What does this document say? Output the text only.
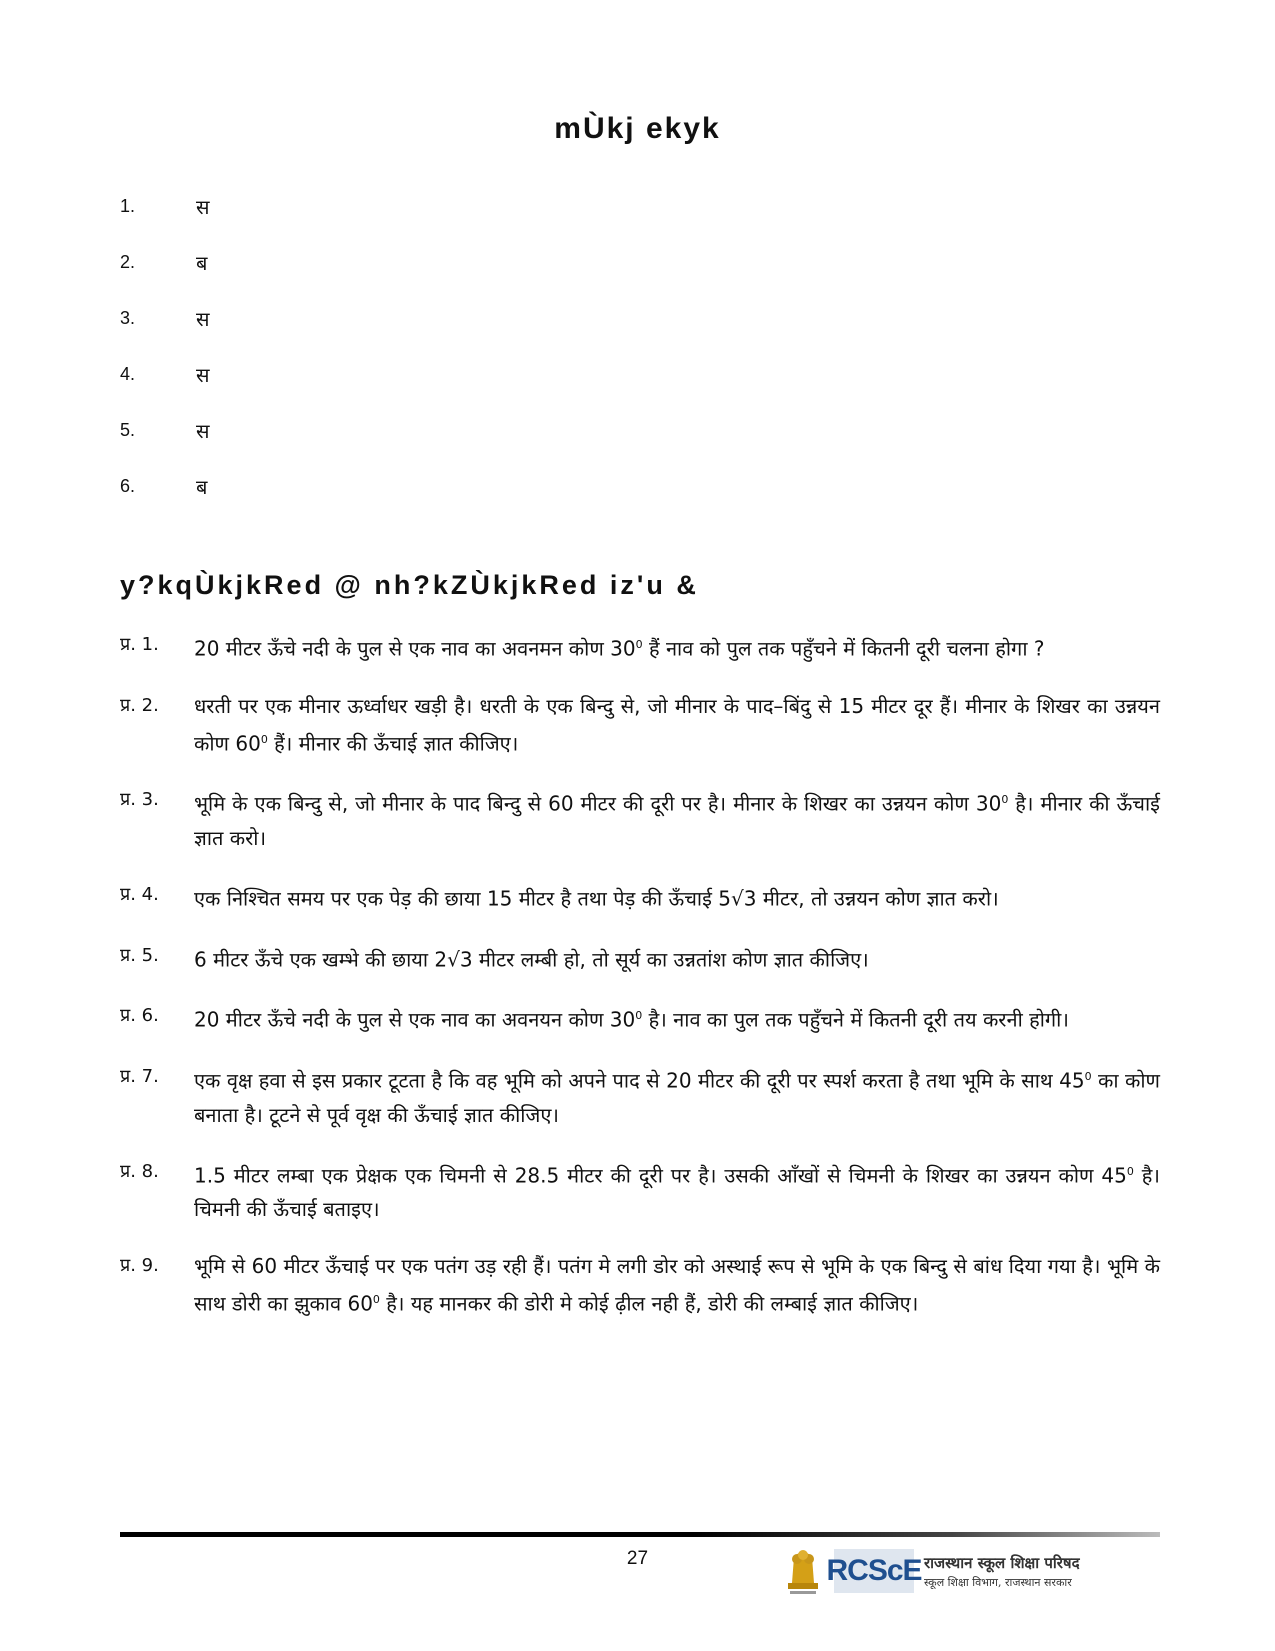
mÙkj ekyk
1.	स
2.	ब
3.	स
4.	स
5.	स
6.	ब
y?kqÙkjkRed @ nh?kZÙkjkRed iz'u &
प्र. 1.	20 मीटर ऊँचे नदी के पुल से एक नाव का अवनमन कोण $30^0$ हैं नाव को पुल तक पहुँचने में कितनी दूरी चलना होगा ?
प्र. 2.	धरती पर एक मीनार ऊर्ध्वाधर खड़ी है। धरती के एक बिन्दु से, जो मीनार के पाद–बिंदु से 15 मीटर दूर हैं। मीनार के शिखर का उन्नयन कोण $60^0$ हैं। मीनार की ऊँचाई ज्ञात कीजिए।
प्र. 3.	भूमि के एक बिन्दु से, जो मीनार के पाद बिन्दु से 60 मीटर की दूरी पर है। मीनार के शिखर का उन्नयन कोण $30^0$ है। मीनार की ऊँचाई ज्ञात करो।
प्र. 4.	एक निश्चित समय पर एक पेड़ की छाया 15 मीटर है तथा पेड़ की ऊँचाई 5√3 मीटर, तो उन्नयन कोण ज्ञात करो।
प्र. 5.	6 मीटर ऊँचे एक खम्भे की छाया 2√3 मीटर लम्बी हो, तो सूर्य का उन्नतांश कोण ज्ञात कीजिए।
प्र. 6.	20 मीटर ऊँचे नदी के पुल से एक नाव का अवनयन कोण $30^0$ है। नाव का पुल तक पहुँचने में कितनी दूरी तय करनी होगी।
प्र. 7.	एक वृक्ष हवा से इस प्रकार टूटता है कि वह भूमि को अपने पाद से 20 मीटर की दूरी पर स्पर्श करता है तथा भूमि के साथ $45^0$ का कोण बनाता है। टूटने से पूर्व वृक्ष की ऊँचाई ज्ञात कीजिए।
प्र. 8.	1.5 मीटर लम्बा एक प्रेक्षक एक चिमनी से 28.5 मीटर की दूरी पर है। उसकी आँखों से चिमनी के शिखर का उन्नयन कोण $45^0$ है। चिमनी की ऊँचाई बताइए।
प्र. 9.	भूमि से 60 मीटर ऊँचाई पर एक पतंग उड़ रही हैं। पतंग मे लगी डोर को अस्थाई रूप से भूमि के एक बिन्दु से बांध दिया गया है। भूमि के साथ डोरी का झुकाव $60^0$ है। यह मानकर की डोरी मे कोई ढ़ील नही हैं, डोरी की लम्बाई ज्ञात कीजिए।
27	RCScE राजस्थान स्कूल शिक्षा परिषद
स्कूल शिक्षा विभाग, राजस्थान सरकार
